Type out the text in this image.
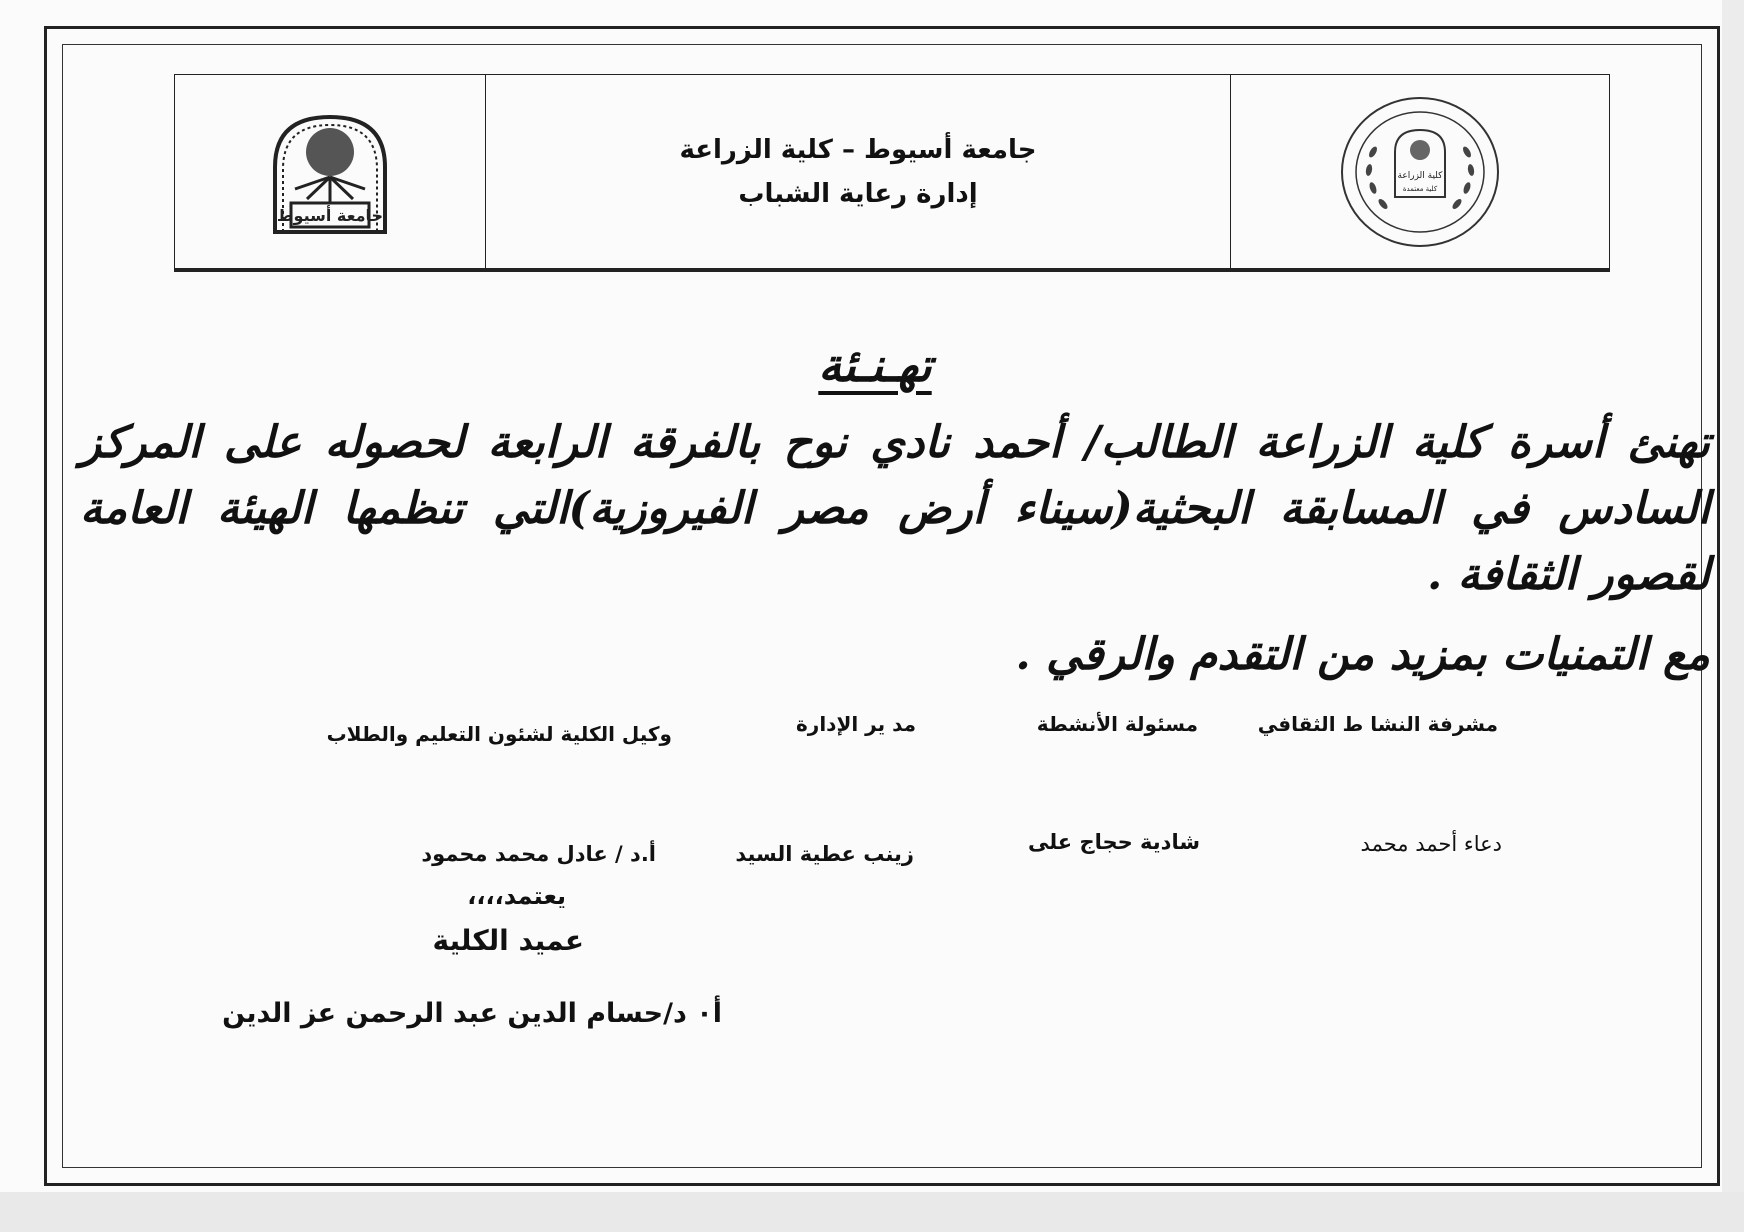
جامعة أسيوط
جامعة أسيوط – كلية الزراعة
إدارة رعاية الشباب
كلية الزراعة
كلية معتمدة
تهـنـئة
تهنئ أسرة كلية الزراعة الطالب/ أحمد نادي نوح بالفرقة الرابعة لحصوله على المركز السادس في المسابقة البحثية(سيناء أرض مصر الفيروزية)التي تنظمها الهيئة العامة لقصور الثقافة .
مع التمنيات بمزيد من التقدم والرقي .
مشرفة النشا ط الثقافي
مسئولة الأنشطة
مد ير الإدارة
وكيل الكلية لشئون التعليم والطلاب
دعاء أحمد محمد
شادية حجاج على
زينب عطية السيد
أ.د / عادل محمد محمود
يعتمد،،،،
عميد الكلية
أ٠ د/حسام الدين عبد الرحمن عز الدين
